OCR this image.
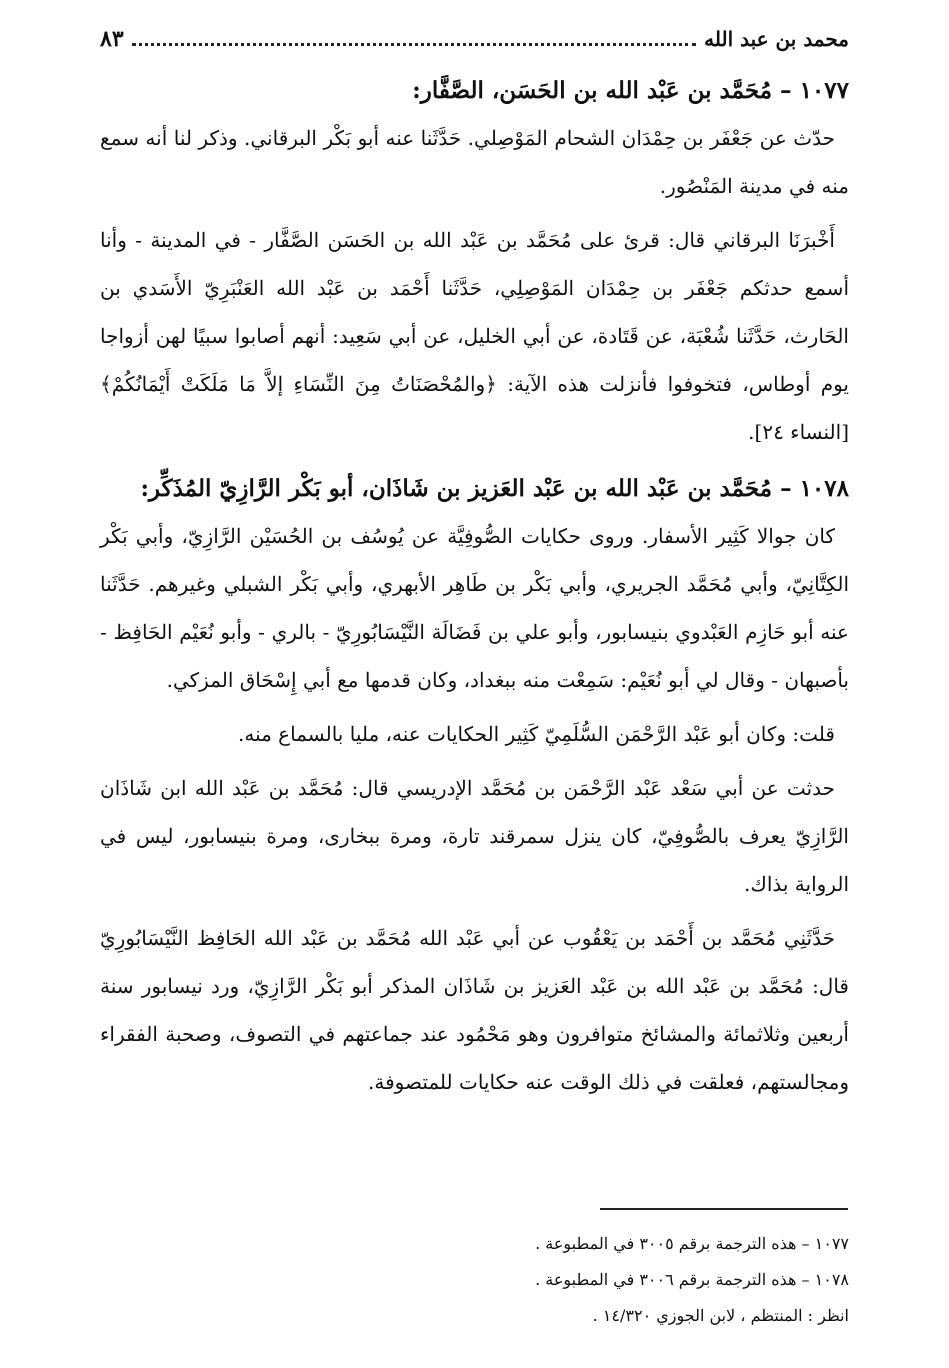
محمد بن عبد الله
٨٣
١٠٧٧ – مُحَمَّد بن عَبْد الله بن الحَسَن، الصَّفَّار:

حدّث عن جَعْفَر بن حِمْدَان الشحام المَوْصِلي. حَدَّثَنا عنه أبو بَكْر البرقاني. وذكر لنا أنه سمع منه في مدينة المَنْصُور.

أَخْبرَنَا البرقاني قال: قرئ على مُحَمَّد بن عَبْد الله بن الحَسَن الصَّفَّار - في المدينة - وأنا أسمع حدثكم جَعْفَر بن حِمْدَان المَوْصِلِي، حَدَّثَنا أَحْمَد بن عَبْد الله العَنْبَرِيّ الأَسَدي بن الحَارث، حَدَّثَنا شُعْبَة، عن قَتَادة، عن أبي الخليل، عن أبي سَعِيد: أنهم أصابوا سبيًا لهن أزواجا يوم أوطاس، فتخوفوا فأنزلت هذه الآية: ﴿والمُحْصَنَاتُ مِنَ النِّسَاءِ إلاَّ مَا مَلَكَتْ أَيْمَانُكُمْ﴾ [النساء ٢٤].

١٠٧٨ – مُحَمَّد بن عَبْد الله بن عَبْد العَزيز بن شَاذَان، أبو بَكْر الرَّازِيّ المُذَكِّر:

كان جوالا كَثِير الأسفار. وروى حكايات الصُّوفِيَّة عن يُوسُف بن الحُسَيْن الرَّازِيّ، وأبي بَكْر الكِتَّانِيّ، وأبي مُحَمَّد الجريري، وأبي بَكْر بن طَاهِر الأبهري، وأبي بَكْر الشبلي وغيرهم. حَدَّثَنا عنه أبو حَازِم العَبْدوي بنيسابور، وأبو علي بن فَضَالَة النَّيْسَابُورِيّ - بالري - وأبو نُعَيْم الحَافِظ - بأصبهان - وقال لي أبو نُعَيْم: سَمِعْت منه ببغداد، وكان قدمها مع أبي إِسْحَاق المزكي.

قلت: وكان أبو عَبْد الرَّحْمَن السُّلَمِيّ كَثِير الحكايات عنه، مليا بالسماع منه.

حدثت عن أبي سَعْد عَبْد الرَّحْمَن بن مُحَمَّد الإدريسي قال: مُحَمَّد بن عَبْد الله ابن شَاذَان الرَّازِيّ يعرف بالصُّوفِيّ، كان ينزل سمرقند تارة، ومرة ببخارى، ومرة بنيسابور، ليس في الرواية بذاك.

حَدَّثَنِي مُحَمَّد بن أَحْمَد بن يَعْقُوب عن أبي عَبْد الله مُحَمَّد بن عَبْد الله الحَافِظ النَّيْسَابُورِيّ قال: مُحَمَّد بن عَبْد الله بن عَبْد العَزيز بن شَاذَان المذكر أبو بَكْر الرَّازِيّ، ورد نيسابور سنة أربعين وثلاثمائة والمشائخ متوافرون وهو مَحْمُود عند جماعتهم في التصوف، وصحبة الفقراء ومجالستهم، فعلقت في ذلك الوقت عنه حكايات للمتصوفة.

١٠٧٧ – هذه الترجمة برقم ٣٠٠٥ في المطبوعة .

١٠٧٨ – هذه الترجمة برقم ٣٠٠٦ في المطبوعة .

انظر : المنتظم ، لابن الجوزي ١٤/٣٢٠ .
